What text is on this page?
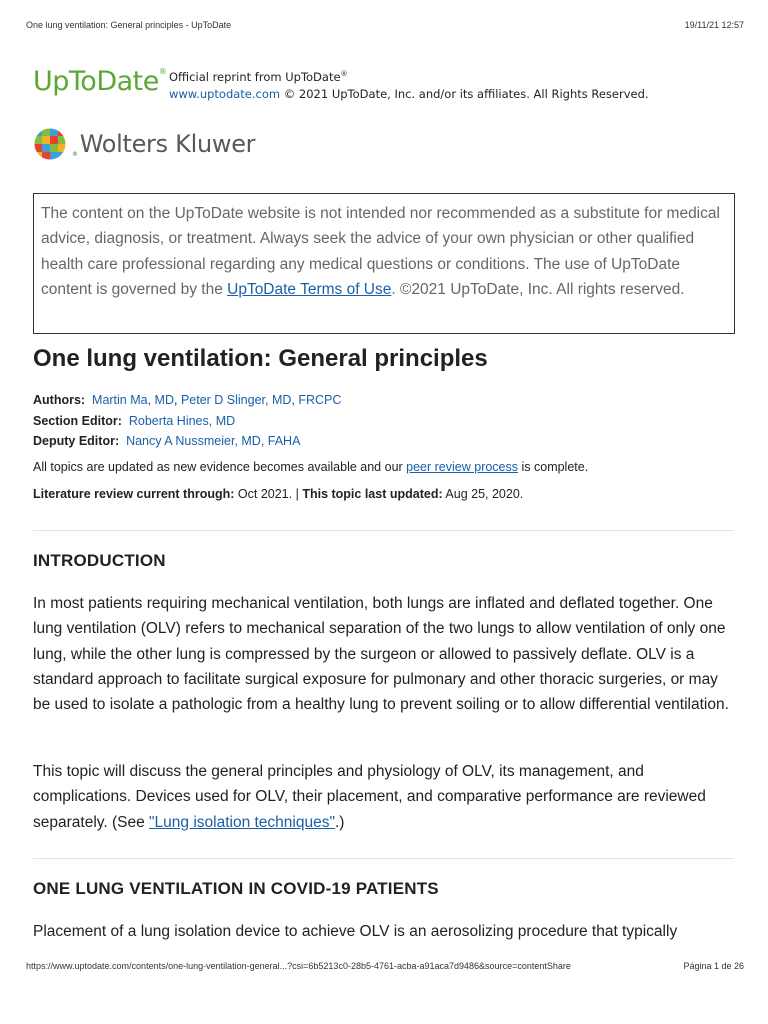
One lung ventilation: General principles - UpToDate	19/11/21 12:57
UpToDate® Official reprint from UpToDate®
www.uptodate.com © 2021 UpToDate, Inc. and/or its affiliates. All Rights Reserved.
®Wolters Kluwer
The content on the UpToDate website is not intended nor recommended as a substitute for medical advice, diagnosis, or treatment. Always seek the advice of your own physician or other qualified health care professional regarding any medical questions or conditions. The use of UpToDate content is governed by the UpToDate Terms of Use. ©2021 UpToDate, Inc. All rights reserved.
One lung ventilation: General principles
Authors: Martin Ma, MD, Peter D Slinger, MD, FRCPC
Section Editor: Roberta Hines, MD
Deputy Editor: Nancy A Nussmeier, MD, FAHA
All topics are updated as new evidence becomes available and our peer review process is complete.
Literature review current through: Oct 2021. | This topic last updated: Aug 25, 2020.
INTRODUCTION

In most patients requiring mechanical ventilation, both lungs are inflated and deflated together. One lung ventilation (OLV) refers to mechanical separation of the two lungs to allow ventilation of only one lung, while the other lung is compressed by the surgeon or allowed to passively deflate. OLV is a standard approach to facilitate surgical exposure for pulmonary and other thoracic surgeries, or may be used to isolate a pathologic from a healthy lung to prevent soiling or to allow differential ventilation.

This topic will discuss the general principles and physiology of OLV, its management, and complications. Devices used for OLV, their placement, and comparative performance are reviewed separately. (See "Lung isolation techniques".)

ONE LUNG VENTILATION IN COVID-19 PATIENTS

Placement of a lung isolation device to achieve OLV is an aerosolizing procedure that typically

https://www.uptodate.com/contents/one-lung-ventilation-general...?csi=6b5213c0-28b5-4761-acba-a91aca7d9486&source=contentShare	Página 1 de 26
